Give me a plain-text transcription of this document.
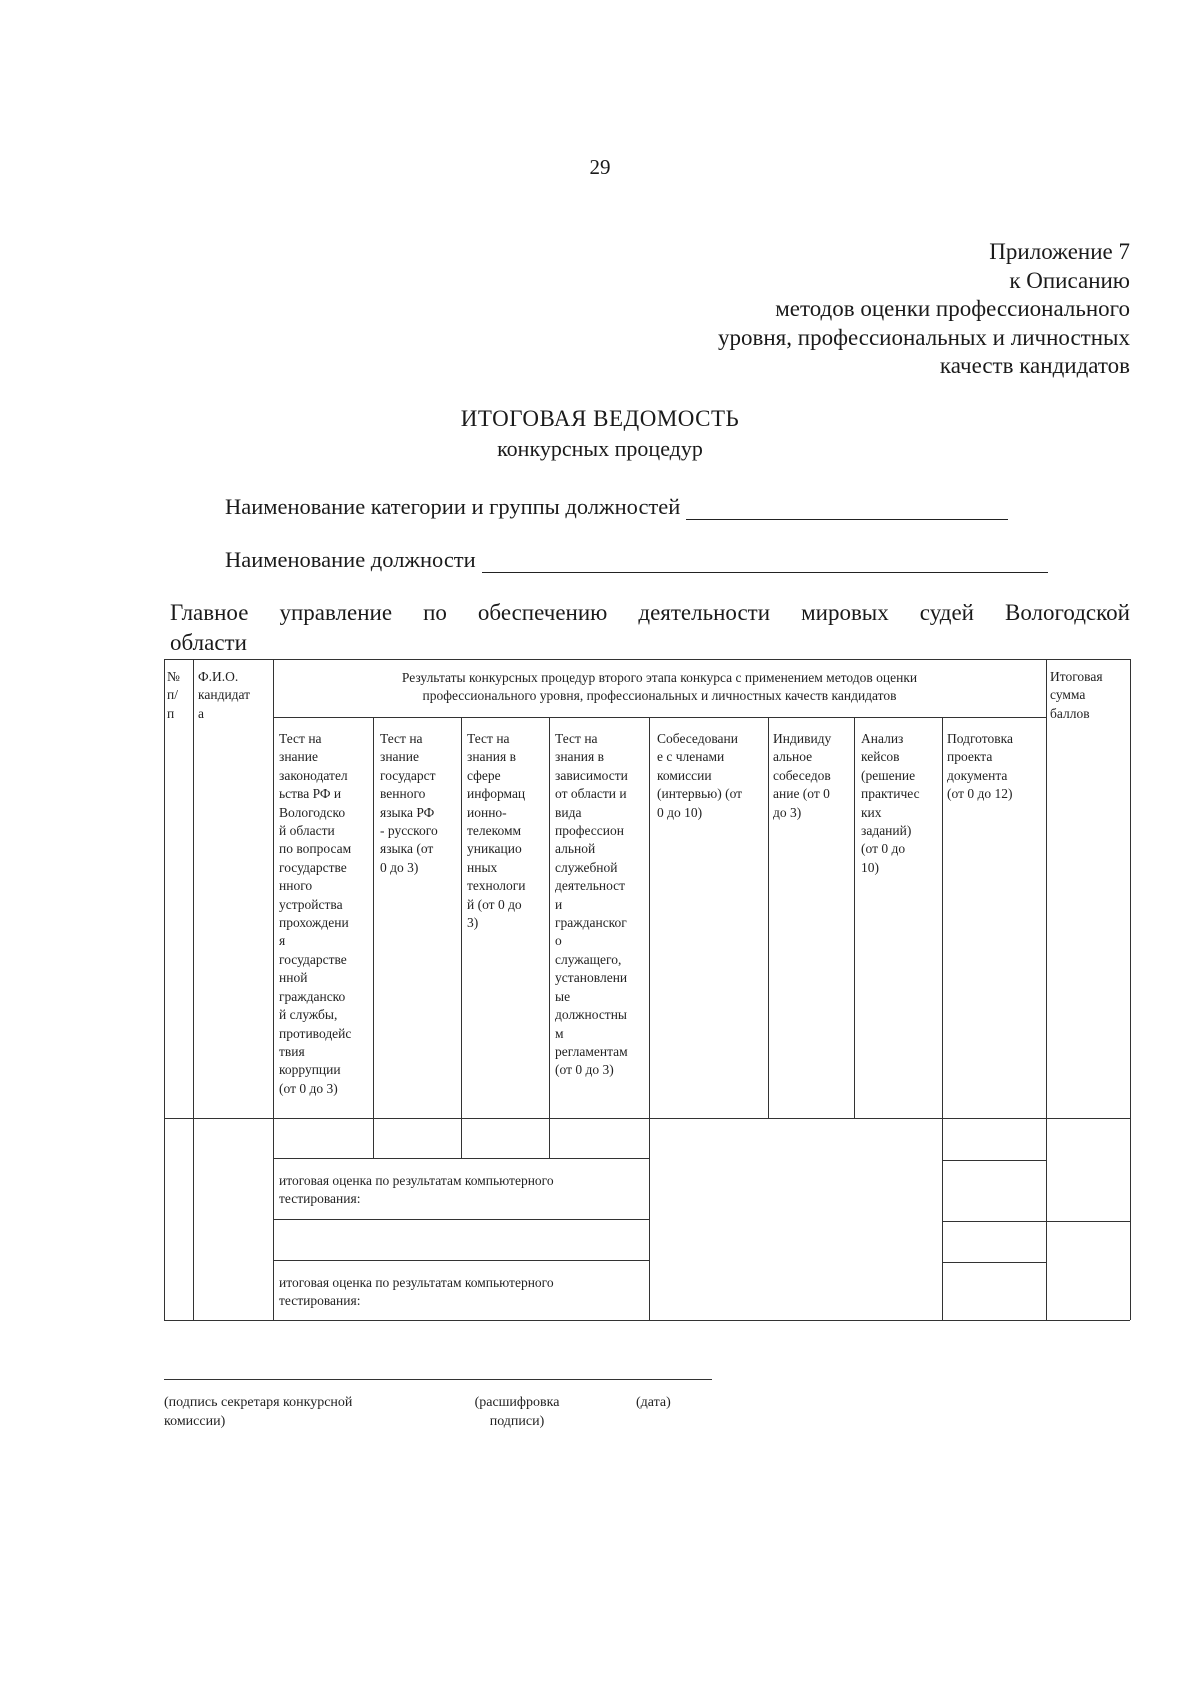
29
Приложение 7
к Описанию
методов оценки профессионального
уровня, профессиональных и личностных
качеств кандидатов
ИТОГОВАЯ ВЕДОМОСТЬ
конкурсных процедур
Наименование категории и группы должностей
Наименование должности
Главное управление по обеспечению деятельности мировых судей Вологодской
области
№
п/
п
Ф.И.О.
кандидат
а
Результаты конкурсных процедур второго этапа конкурса с применением методов оценки
профессионального уровня, профессиональных и личностных качеств кандидатов
Итоговая
сумма
баллов
Тест на
знание
законодател
ьства РФ и
Вологодско
й области
по вопросам
государстве
нного
устройства
прохождени
я
государстве
нной
гражданско
й службы,
противодейс
твия
коррупции
(от 0 до 3)
Тест на
знание
государст
венного
языка РФ
- русского
языка (от
0 до 3)
Тест на
знания в
сфере
информац
ионно-
телекомм
уникацио
нных
технологи
й (от 0 до
3)
Тест на
знания в
зависимости
от области и
вида
профессион
альной
служебной
деятельност
и
гражданског
о
служащего,
установлени
ые
должностны
м
регламентам
(от 0 до 3)
Собеседовани
е с членами
комиссии
(интервью) (от
0 до 10)
Индивиду
альное
собеседов
ание (от 0
до 3)
Анализ
кейсов
(решение
практичес
ких
заданий)
(от 0 до
10)
Подготовка
проекта
документа
(от 0 до 12)
итоговая оценка по результатам компьютерного
тестирования:
итоговая оценка по результатам компьютерного
тестирования:
(подпись секретаря конкурсной
комиссии)
(расшифровка
подписи)
(дата)
